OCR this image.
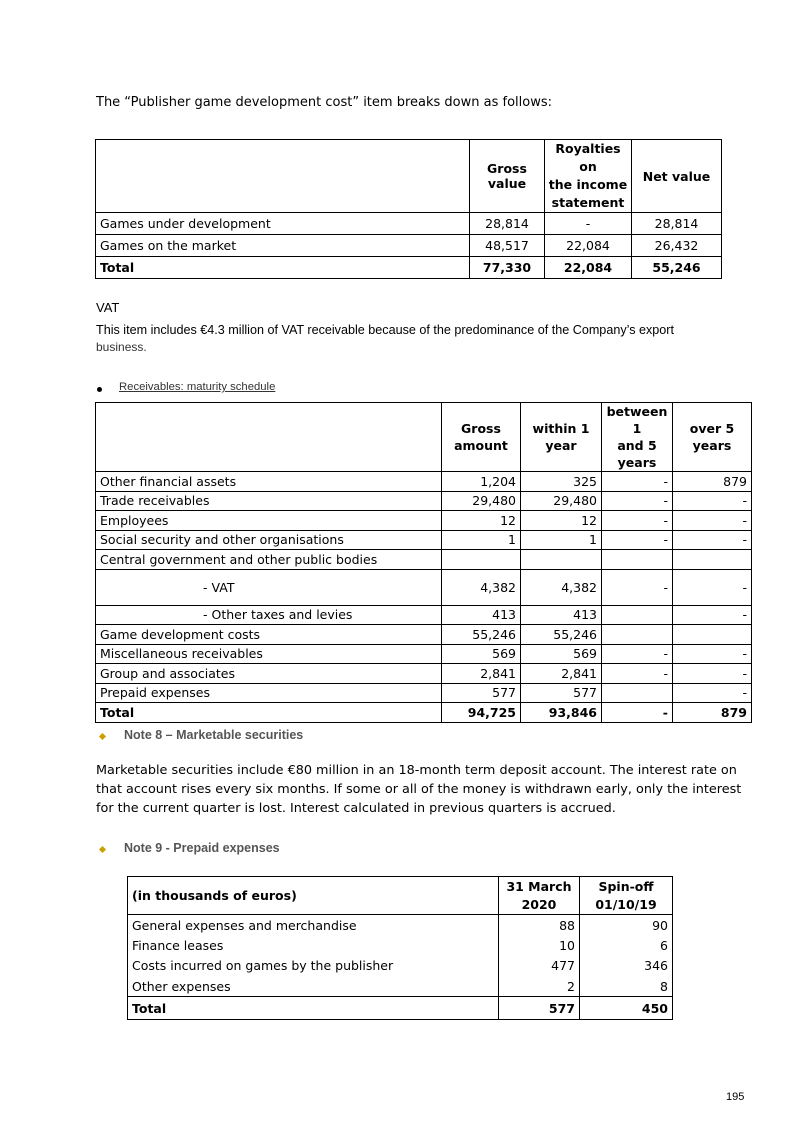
The “Publisher game development cost” item breaks down as follows:
	Gross value	Royalties on
the income
statement	Net value
Games under development	28,814	-	28,814
Games on the market	48,517	22,084	26,432
Total	77,330	22,084	55,246
VAT
This item includes €4.3 million of VAT receivable because of the predominance of the Company’s export
business.
Receivables: maturity schedule
	Gross
amount	within 1
year	between 1
and 5
years	over 5
years
Other financial assets	1,204	325	-	879
Trade receivables	29,480	29,480	-	-
Employees	12	12	-	-
Social security and other organisations	1	1	-	-
Central government and other public bodies				
- VAT	4,382	4,382	-	-
- Other taxes and levies	413	413		-
Game development costs	55,246	55,246		
Miscellaneous receivables	569	569	-	-
Group and associates	2,841	2,841	-	-
Prepaid expenses	577	577		-
Total	94,725	93,846	-	879
Note 8 – Marketable securities
Marketable securities include €80 million in an 18-month term deposit account. The interest rate on
that account rises every six months. If some or all of the money is withdrawn early, only the interest
for the current quarter is lost. Interest calculated in previous quarters is accrued.
Note 9 - Prepaid expenses
(in thousands of euros)	31 March
2020	Spin-off
01/10/19
General expenses and merchandise	88	90
Finance leases	10	6
Costs incurred on games by the publisher	477	346
Other expenses	2	8
Total	577	450
195
